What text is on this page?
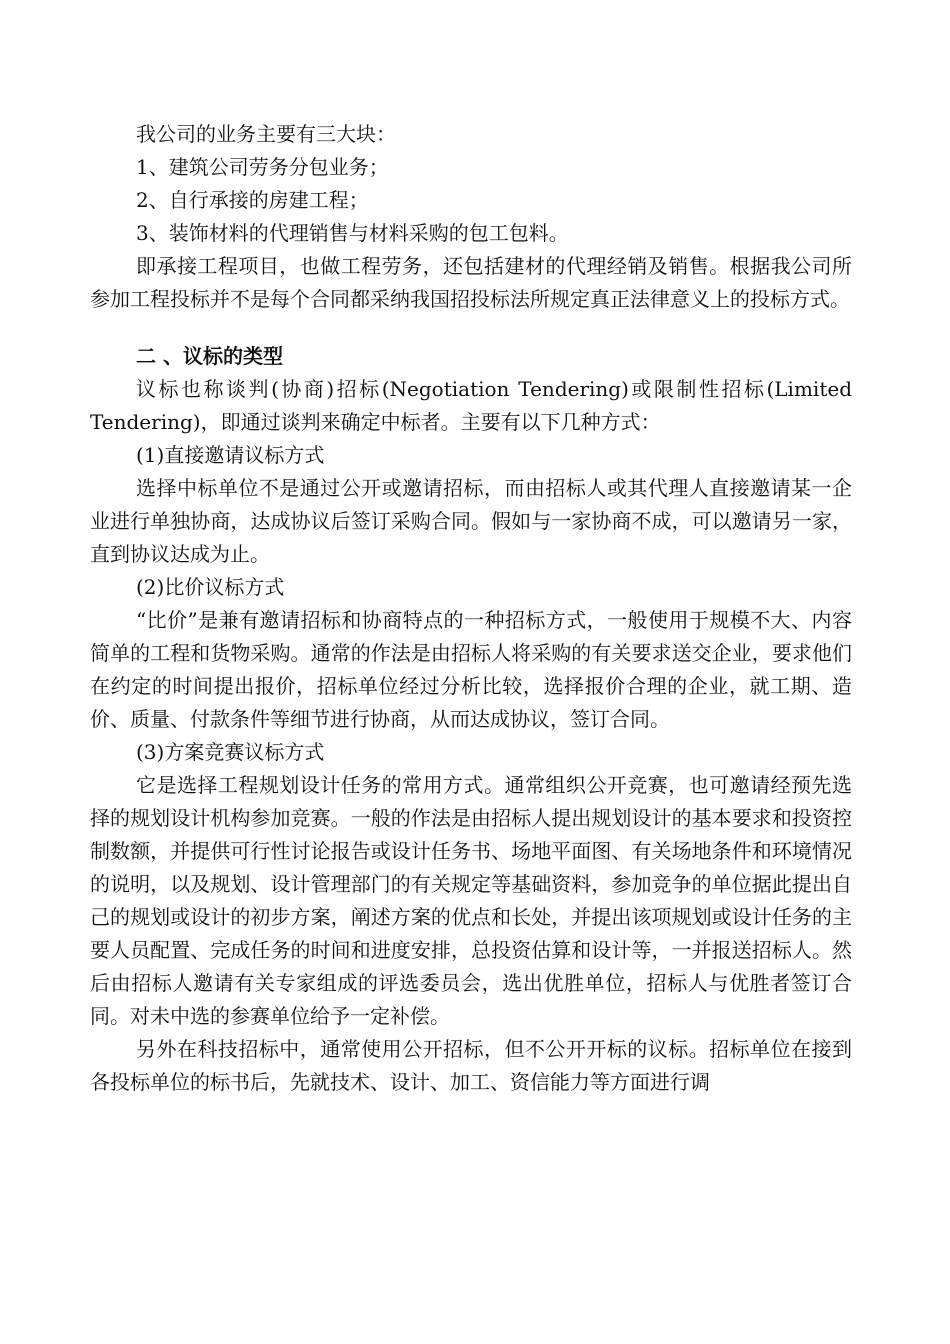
我公司的业务主要有三大块：

1、建筑公司劳务分包业务；

2、自行承接的房建工程；

3、装饰材料的代理销售与材料采购的包工包料。

即承接工程项目，也做工程劳务，还包括建材的代理经销及销售。根据我公司所参加工程投标并不是每个合同都采纳我国招投标法所规定真正法律意义上的投标方式。

二 、议标的类型

议标也称谈判(协商)招标(Negotiation Tendering)或限制性招标(Limited Tendering)，即通过谈判来确定中标者。主要有以下几种方式：

(1)直接邀请议标方式

选择中标单位不是通过公开或邀请招标，而由招标人或其代理人直接邀请某一企业进行单独协商，达成协议后签订采购合同。假如与一家协商不成，可以邀请另一家，直到协议达成为止。

(2)比价议标方式

“比价”是兼有邀请招标和协商特点的一种招标方式，一般使用于规模不大、内容简单的工程和货物采购。通常的作法是由招标人将采购的有关要求送交企业，要求他们在约定的时间提出报价，招标单位经过分析比较，选择报价合理的企业，就工期、造价、质量、付款条件等细节进行协商，从而达成协议，签订合同。

(3)方案竞赛议标方式

它是选择工程规划设计任务的常用方式。通常组织公开竞赛，也可邀请经预先选择的规划设计机构参加竞赛。一般的作法是由招标人提出规划设计的基本要求和投资控制数额，并提供可行性讨论报告或设计任务书、场地平面图、有关场地条件和环境情况的说明，以及规划、设计管理部门的有关规定等基础资料，参加竞争的单位据此提出自己的规划或设计的初步方案，阐述方案的优点和长处，并提出该项规划或设计任务的主要人员配置、完成任务的时间和进度安排，总投资估算和设计等，一并报送招标人。然后由招标人邀请有关专家组成的评选委员会，选出优胜单位，招标人与优胜者签订合同。对未中选的参赛单位给予一定补偿。

另外在科技招标中，通常使用公开招标，但不公开开标的议标。招标单位在接到各投标单位的标书后，先就技术、设计、加工、资信能力等方面进行调
